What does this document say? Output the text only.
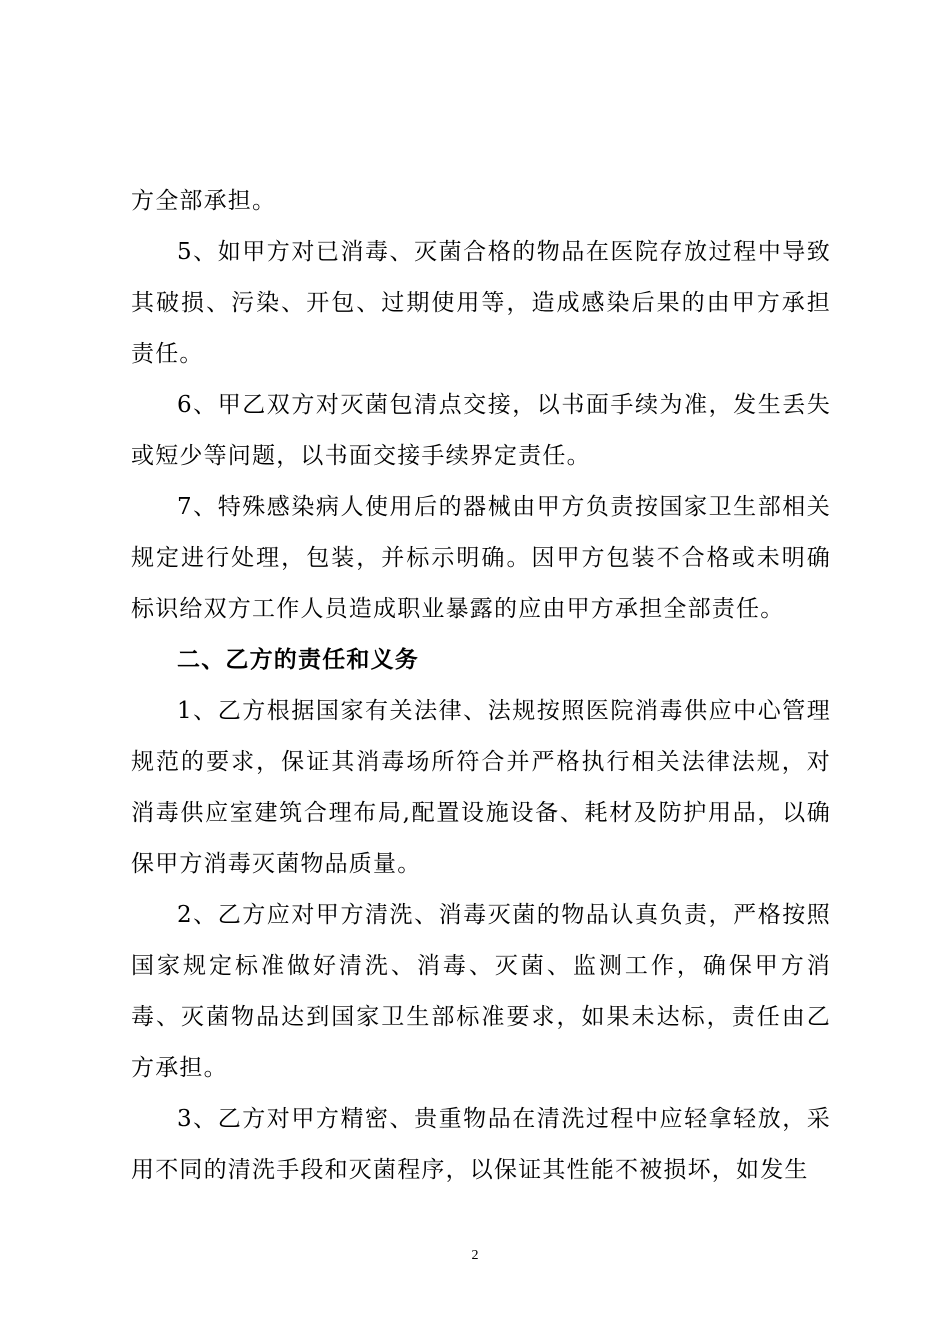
方全部承担。

5、如甲方对已消毒、灭菌合格的物品在医院存放过程中导致其破损、污染、开包、过期使用等，造成感染后果的由甲方承担责任。

6、甲乙双方对灭菌包清点交接，以书面手续为准，发生丢失或短少等问题，以书面交接手续界定责任。

7、特殊感染病人使用后的器械由甲方负责按国家卫生部相关规定进行处理，包装，并标示明确。因甲方包装不合格或未明确标识给双方工作人员造成职业暴露的应由甲方承担全部责任。

二、乙方的责任和义务

1、乙方根据国家有关法律、法规按照医院消毒供应中心管理规范的要求，保证其消毒场所符合并严格执行相关法律法规，对消毒供应室建筑合理布局,配置设施设备、耗材及防护用品，以确保甲方消毒灭菌物品质量。

2、乙方应对甲方清洗、消毒灭菌的物品认真负责，严格按照国家规定标准做好清洗、消毒、灭菌、监测工作，确保甲方消毒、灭菌物品达到国家卫生部标准要求，如果未达标，责任由乙方承担。

3、乙方对甲方精密、贵重物品在清洗过程中应轻拿轻放，采用不同的清洗手段和灭菌程序，以保证其性能不被损坏，如发生

2
